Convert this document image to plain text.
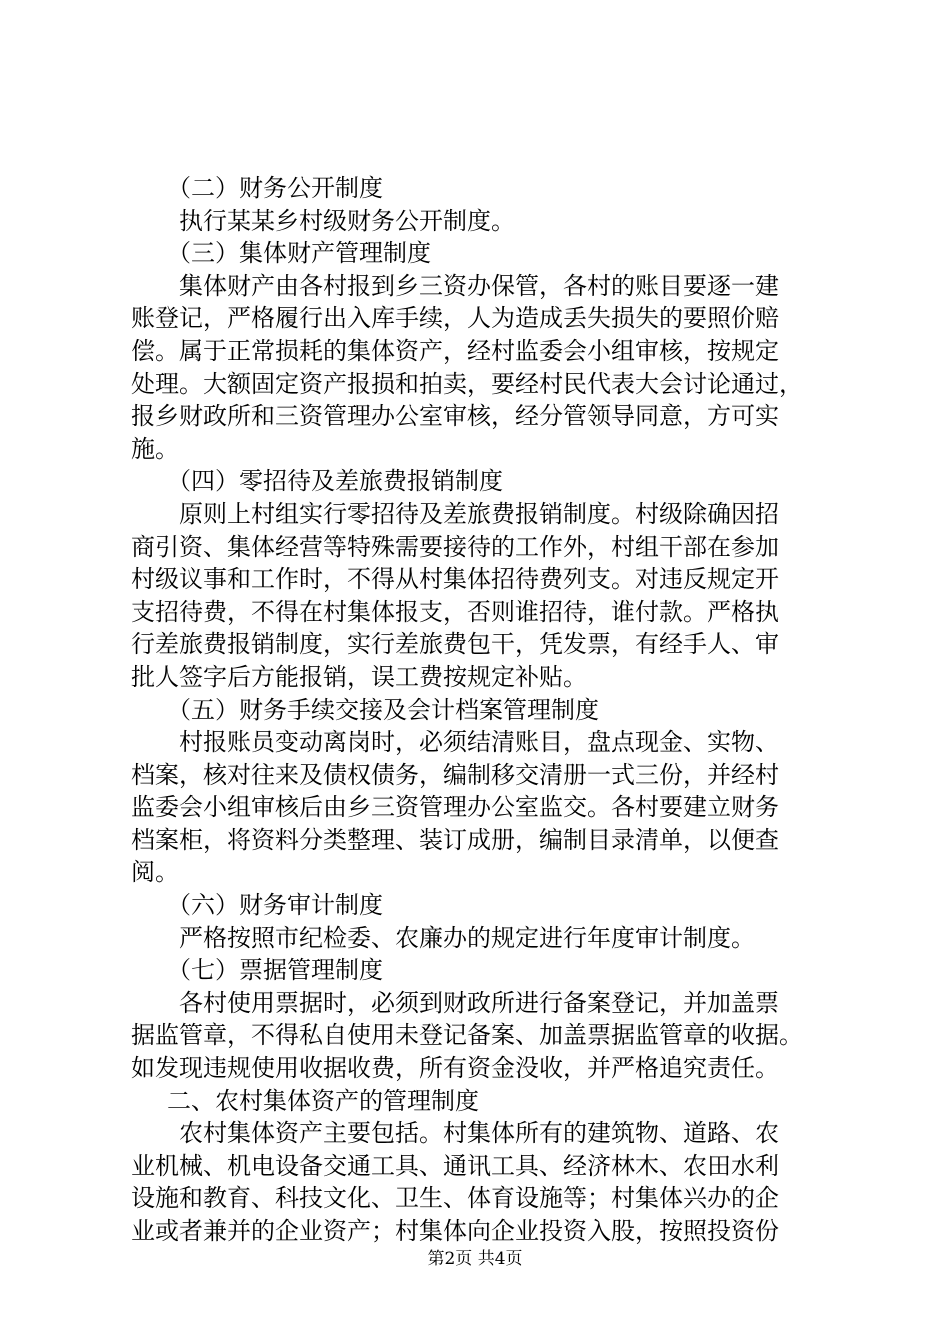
（二）财务公开制度
执行某某乡村级财务公开制度。
（三）集体财产管理制度
集体财产由各村报到乡三资办保管，各村的账目要逐一建
账登记，严格履行出入库手续，人为造成丢失损失的要照价赔
偿。属于正常损耗的集体资产，经村监委会小组审核，按规定
处理。大额固定资产报损和拍卖，要经村民代表大会讨论通过，
报乡财政所和三资管理办公室审核，经分管领导同意，方可实
施。
（四）零招待及差旅费报销制度
原则上村组实行零招待及差旅费报销制度。村级除确因招
商引资、集体经营等特殊需要接待的工作外，村组干部在参加
村级议事和工作时，不得从村集体招待费列支。对违反规定开
支招待费，不得在村集体报支，否则谁招待，谁付款。严格执
行差旅费报销制度，实行差旅费包干，凭发票，有经手人、审
批人签字后方能报销，误工费按规定补贴。
（五）财务手续交接及会计档案管理制度
村报账员变动离岗时，必须结清账目，盘点现金、实物、
档案，核对往来及债权债务，编制移交清册一式三份，并经村
监委会小组审核后由乡三资管理办公室监交。各村要建立财务
档案柜，将资料分类整理、装订成册，编制目录清单，以便查
阅。
（六）财务审计制度
严格按照市纪检委、农廉办的规定进行年度审计制度。
（七）票据管理制度
各村使用票据时，必须到财政所进行备案登记，并加盖票
据监管章，不得私自使用未登记备案、加盖票据监管章的收据。
如发现违规使用收据收费，所有资金没收，并严格追究责任。
二、农村集体资产的管理制度
农村集体资产主要包括。村集体所有的建筑物、道路、农
业机械、机电设备交通工具、通讯工具、经济林木、农田水利
设施和教育、科技文化、卫生、体育设施等；村集体兴办的企
业或者兼并的企业资产；村集体向企业投资入股，按照投资份
第2页 共4页
